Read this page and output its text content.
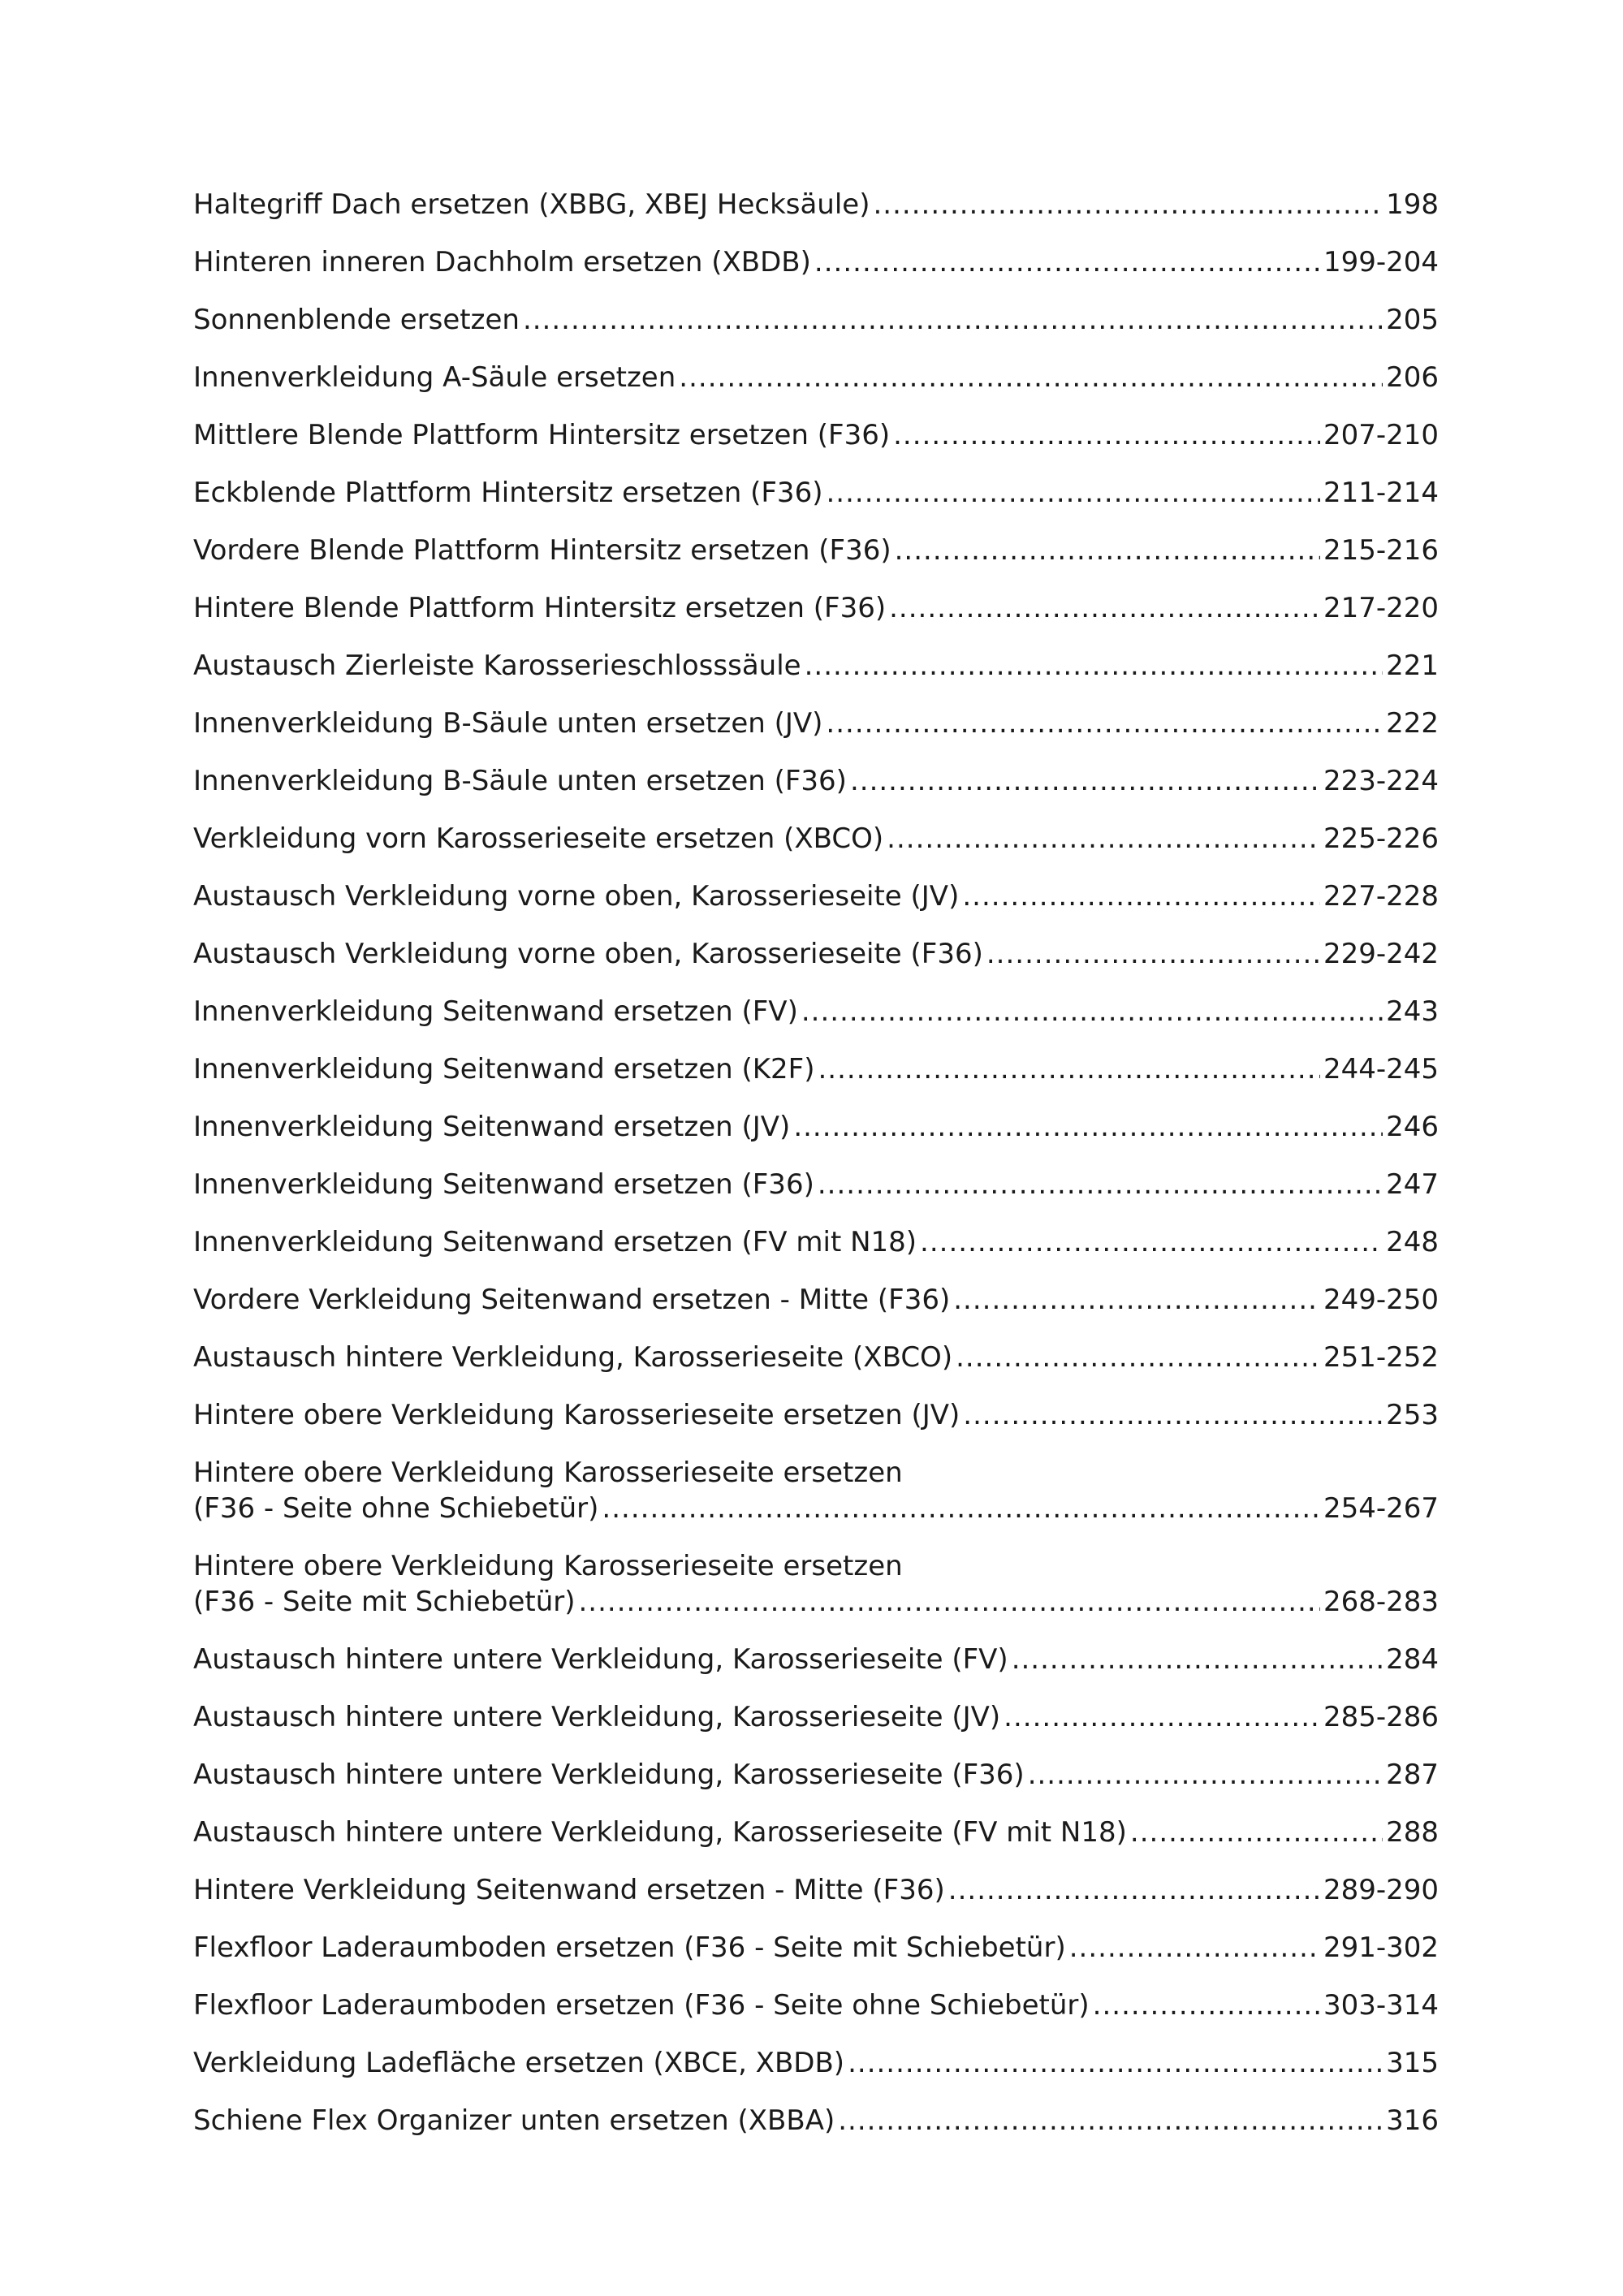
Haltegriff Dach ersetzen (XBBG, XBEJ Hecksäule) .....	198
Hinteren inneren Dachholm ersetzen (XBDB) .....	199-204
Sonnenblende ersetzen .....	205
Innenverkleidung A-Säule ersetzen .....	206
Mittlere Blende Plattform Hintersitz ersetzen (F36) .....	207-210
Eckblende Plattform Hintersitz ersetzen (F36) .....	211-214
Vordere Blende Plattform Hintersitz ersetzen (F36) .....	215-216
Hintere Blende Plattform Hintersitz ersetzen (F36) .....	217-220
Austausch Zierleiste Karosserieschlosssäule .....	221
Innenverkleidung B-Säule unten ersetzen (JV) .....	222
Innenverkleidung B-Säule unten ersetzen (F36) .....	223-224
Verkleidung vorn Karosserieseite ersetzen (XBCO) .....	225-226
Austausch Verkleidung vorne oben, Karosserieseite (JV) .....	227-228
Austausch Verkleidung vorne oben, Karosserieseite (F36) .....	229-242
Innenverkleidung Seitenwand ersetzen (FV) .....	243
Innenverkleidung Seitenwand ersetzen (K2F) .....	244-245
Innenverkleidung Seitenwand ersetzen (JV) .....	246
Innenverkleidung Seitenwand ersetzen (F36) .....	247
Innenverkleidung Seitenwand ersetzen (FV mit N18) .....	248
Vordere Verkleidung Seitenwand ersetzen - Mitte (F36) .....	249-250
Austausch hintere Verkleidung, Karosserieseite (XBCO) .....	251-252
Hintere obere Verkleidung Karosserieseite ersetzen (JV) .....	253
Hintere obere Verkleidung Karosserieseite ersetzen
(F36 - Seite ohne Schiebetür) .....	254-267
Hintere obere Verkleidung Karosserieseite ersetzen
(F36 - Seite mit Schiebetür) .....	268-283
Austausch hintere untere Verkleidung, Karosserieseite (FV) .....	284
Austausch hintere untere Verkleidung, Karosserieseite (JV) .....	285-286
Austausch hintere untere Verkleidung, Karosserieseite (F36) .....	287
Austausch hintere untere Verkleidung, Karosserieseite (FV mit N18) .....	288
Hintere Verkleidung Seitenwand ersetzen - Mitte (F36) .....	289-290
Flexfloor Laderaumboden ersetzen (F36 - Seite mit Schiebetür) .....	291-302
Flexfloor Laderaumboden ersetzen (F36 - Seite ohne Schiebetür) .....	303-314
Verkleidung Ladefläche ersetzen (XBCE, XBDB) .....	315
Schiene Flex Organizer unten ersetzen (XBBA) .....	316
